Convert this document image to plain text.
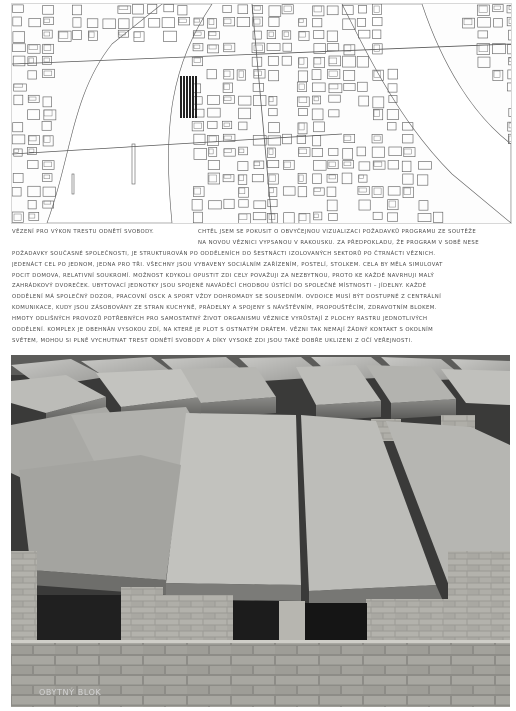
VĚZENÍ PRO VÝKON TRESTU ODNĚTÍ SVOBODY.	CHTĚL JSEM SE POKUSIT O OBVYČEJNOU VIZUALIZACI POŽADAVKŮ PROGRAMU ZE SOUTĚŽE
NA NOVOU VĚZNICI VYPSANOU V RAKOUSKU. ZA PŘEDPOKLADU, ŽE PROGRAM V SOBĚ NESE
POŽADAVKY SOUČASNÉ SPOLEČNOSTI, JE STRUKTUROVÁN PO ODDĚLENÍCH DO ŠESTNÁCTI IZOLOVANÝCH SEKTORŮ PO ČTRNÁCTI VĚZNICH.
JEDENÁCT CEL PO JEDNOM, JEDNA PRO TŘI. VŠECHNY JSOU VYBAVENY SOCIÁLNÍM ZAŘÍZENÍM, POSTELÍ, STOLKEM. CELA BY MĚLA SIMULOVAT
POCIT DOMOVA, RELATIVNÍ SOUKROMÍ. MOŽNOST KDYKOLI OPUSTIT ZDI CELY POVAŽUJI ZA NEZBYTNOU, PROTO KE KAŽDÉ NAVRHUJI MALÝ
ZAHRÁDKOVÝ DVOREČEK. UBYTOVACÍ JEDNOTKY JSOU SPOJENÉ NAVÁDĚCÍ CHODBOU ÚSTÍCÍ DO SPOLEČNÉ MÍSTNOSTI – JÍDELNY. KAŽDÉ
ODDĚLENÍ MÁ SPOLEČNÝ DOZOR, PRACOVNÍ OSCK A SPORT VŽDY DOHROMADY SE SOUSEDNÍM. OVDOICE MUSÍ BÝT DOSTUPNÉ Z CENTRÁLNÍ
KOMUNIKACE, KUDY JSOU ZÁSOBOVÁNY ZE STRAN KUCHYNĚ, PRÁDELNY A SPOJENY S NÁVŠTĚVNÍM, PROPOUŠTĚCÍM, ZDRAVOTNÍM BLOKEM.
HMOTY ODLIŠNÝCH PROVOZŮ POTŘEBNÝCH PRO SAMOSTATNÝ ŽIVOT ORGANISMU VĚZNICE VYRŮSTAJÍ Z PLOCHY RASTRU JEDNOTLIVÝCH
ODDĚLENÍ. KOMPLEX JE OBEHNÁN VYSOKOU ZDÍ, NA KTERÉ JE PLOT S OSTNATÝM DRÁTEM. VĚZNI TAK NEMAJÍ ŽÁDNÝ KONTAKT S OKOLNÍM
SVĚTEM, MOHOU SI PLNĚ VYCHUTNAT TREST ODNĚTÍ SVOBODY A DÍKY VYSOKÉ ZDI JSOU TAKÉ DOBŘE UKLIZENI Z OČÍ VEŘEJNOSTI.
OBYTNÝ BLOK
